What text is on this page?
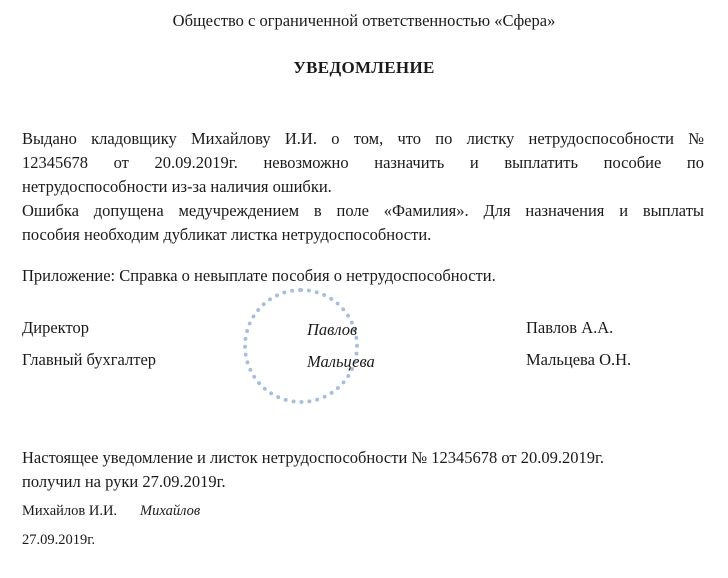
Общество с ограниченной ответственностью «Сфера»
УВЕДОМЛЕНИЕ
Выдано кладовщику Михайлову И.И. о том, что по листку нетрудоспособности №
12345678 от 20.09.2019г. невозможно назначить и выплатить пособие по
нетрудоспособности из-за наличия ошибки.
Ошибка допущена медучреждением в поле «Фамилия». Для назначения и выплаты
пособия необходим дубликат листка нетрудоспособности.
Приложение: Справка о невыплате пособия о нетрудоспособности.
Директор	Павлов	Павлов А.А.
Главный бухгалтер	Мальцева	Мальцева О.Н.
Настоящее уведомление и листок нетрудоспособности № 12345678 от 20.09.2019г.
получил на руки 27.09.2019г.
Михайлов И.И. Михайлов
27.09.2019г.
